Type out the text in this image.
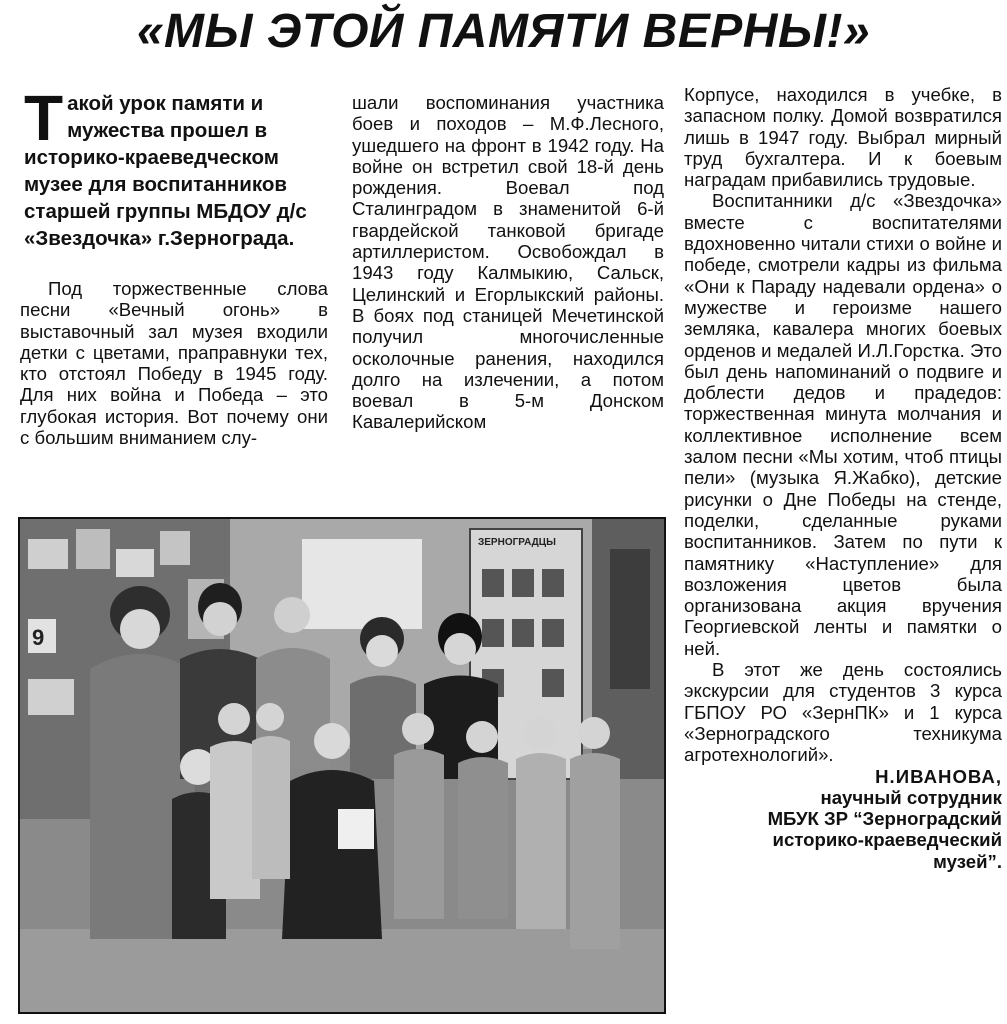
«МЫ ЭТОЙ ПАМЯТИ ВЕРНЫ!»
Такой урок памяти и мужества прошел в историко-краеведческом музее для воспитанников старшей группы МБДОУ д/с «Звездочка» г.Зернограда.

Под торжественные слова песни «Вечный огонь» в выставочный зал музея входили детки с цветами, праправнуки тех, кто отстоял Победу в 1945 году. Для них война и Победа – это глубокая история. Вот почему они с большим вниманием слу-

шали воспоминания участника боев и походов – М.Ф.Лесного, ушедшего на фронт в 1942 году. На войне он встретил свой 18-й день рождения. Воевал под Сталинградом в знаменитой 6-й гвардейской танковой бригаде артиллеристом. Освобождал в 1943 году Калмыкию, Сальск, Целинский и Егорлыкский районы. В боях под станицей Мечетинской получил многочисленные осколочные ранения, находился долго на излечении, а потом воевал в 5-м Донском Кавалерийском

Корпусе, находился в учебке, в запасном полку. Домой возвратился лишь в 1947 году. Выбрал мирный труд бухгалтера. И к боевым наградам прибавились трудовые.

Воспитанники д/с «Звездочка» вместе с воспитателями вдохновенно читали стихи о войне и победе, смотрели кадры из фильма «Они к Параду надевали ордена» о мужестве и героизме нашего земляка, кавалера многих боевых орденов и медалей И.Л.Горстка. Это был день напоминаний о подвиге и доблести дедов и прадедов: торжественная минута молчания и коллективное исполнение всем залом песни «Мы хотим, чтоб птицы пели» (музыка Я.Жабко), детские рисунки о Дне Победы на стенде, поделки, сделанные руками воспитанников. Затем по пути к памятнику «Наступление» для возложения цветов была организована акция вручения Георгиевской ленты и памятки о ней.

В этот же день состоялись экскурсии для студентов 3 курса ГБПОУ РО «ЗернПК» и 1 курса «Зерноградского техникума агротехнологий».

Н.ИВАНОВА,
научный сотрудник
МБУК ЗР “Зерноградский
историко-краеведческий
музей”.
9
ЗЕРНОГРАДЦЫ
